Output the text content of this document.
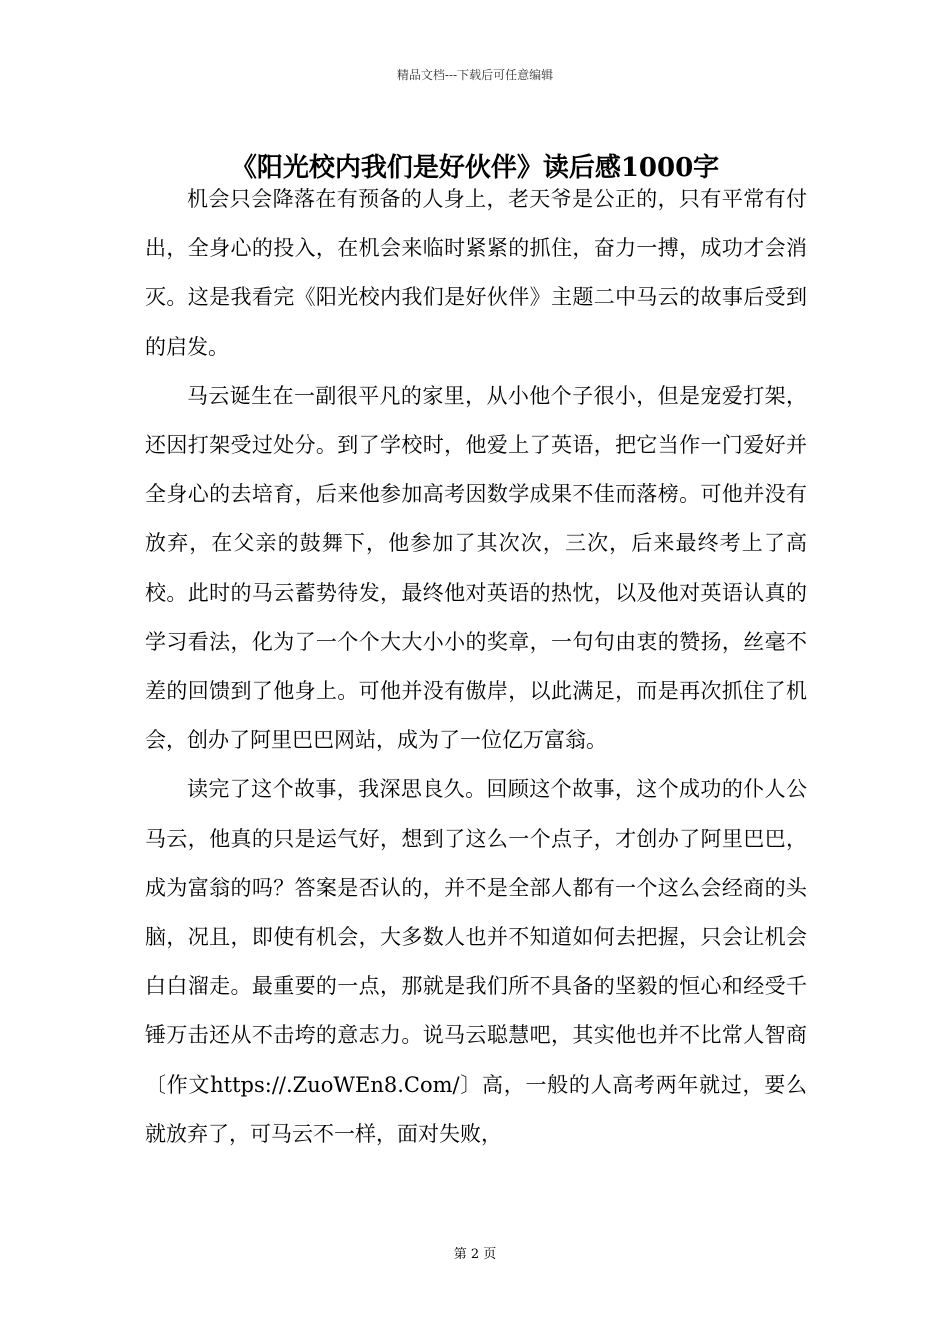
精品文档---下载后可任意编辑
《阳光校内我们是好伙伴》读后感1000字

机会只会降落在有预备的人身上，老天爷是公正的，只有平常有付出，全身心的投入，在机会来临时紧紧的抓住，奋力一搏，成功才会消灭。这是我看完《阳光校内我们是好伙伴》主题二中马云的故事后受到的启发。

马云诞生在一副很平凡的家里，从小他个子很小，但是宠爱打架，还因打架受过处分。到了学校时，他爱上了英语，把它当作一门爱好并全身心的去培育，后来他参加高考因数学成果不佳而落榜。可他并没有放弃，在父亲的鼓舞下，他参加了其次次，三次，后来最终考上了高校。此时的马云蓄势待发，最终他对英语的热忱，以及他对英语认真的学习看法，化为了一个个大大小小的奖章，一句句由衷的赞扬，丝毫不差的回馈到了他身上。可他并没有傲岸，以此满足，而是再次抓住了机会，创办了阿里巴巴网站，成为了一位亿万富翁。

读完了这个故事，我深思良久。回顾这个故事，这个成功的仆人公马云，他真的只是运气好，想到了这么一个点子，才创办了阿里巴巴，成为富翁的吗？答案是否认的，并不是全部人都有一个这么会经商的头脑，况且，即使有机会，大多数人也并不知道如何去把握，只会让机会白白溜走。最重要的一点，那就是我们所不具备的坚毅的恒心和经受千锤万击还从不击垮的意志力。说马云聪慧吧，其实他也并不比常人智商〔作文https://.ZuoWEn8.Com/〕高，一般的人高考两年就过，要么就放弃了，可马云不一样，面对失败，

第 2 页
